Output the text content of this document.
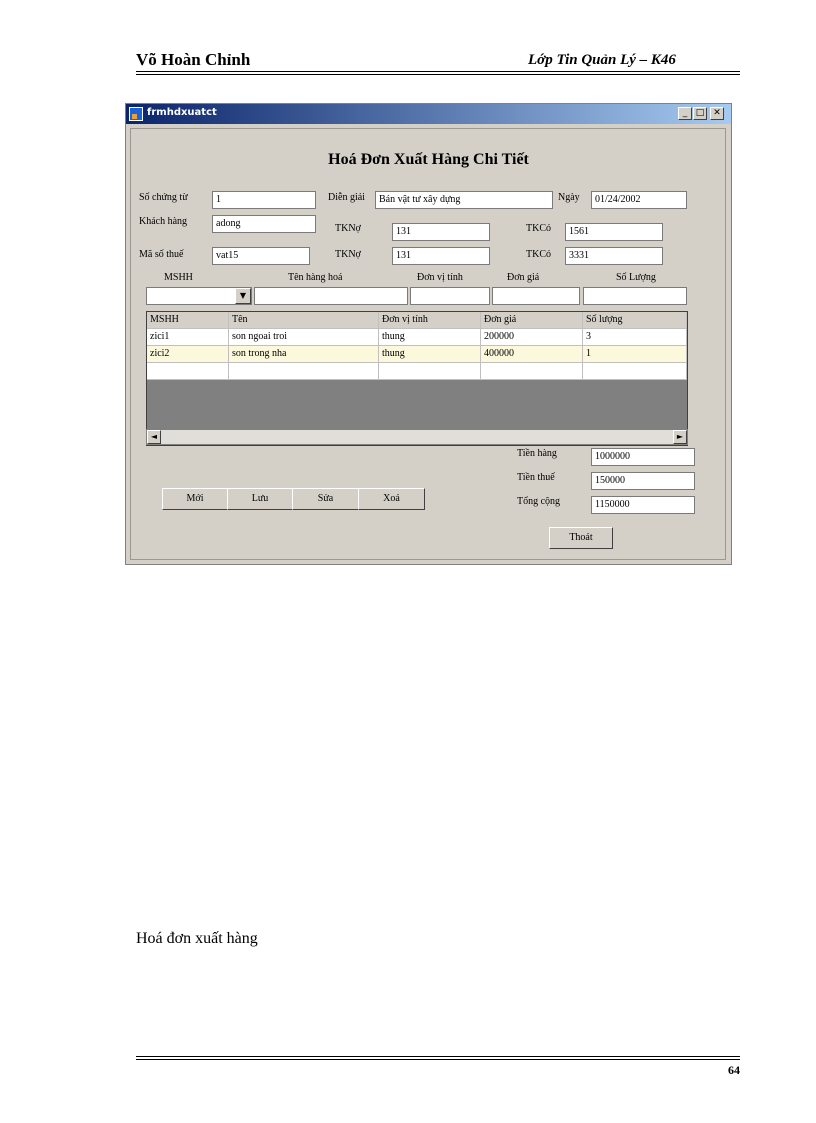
Võ Hoàn Chỉnh	Lớp Tin Quản Lý – K46
frmhdxuatct	_ □ ✕
Hoá Đơn Xuất Hàng Chi Tiết
Số chứng từ	1	Diễn giải	Bán vật tư xây dựng	Ngày	01/24/2002
Khách hàng	adong	TKNợ	131	TKCó	1561
Mã số thuế	vat15	TKNợ	131	TKCó	3331
MSHH	Tên hàng hoá	Đơn vị tính	Đơn giá	Số Lượng
▼
MSHH	Tên	Đơn vị tính	Đơn giá	Số lượng
zici1	son ngoai troi	thung	200000	3
zici2	son trong nha	thung	400000	1
◄	►
Tiền hàng	1000000
Tiền thuế	150000
Tổng cộng	1150000
Mới	Lưu	Sửa	Xoá
Thoát
Hoá đơn xuất hàng
64
